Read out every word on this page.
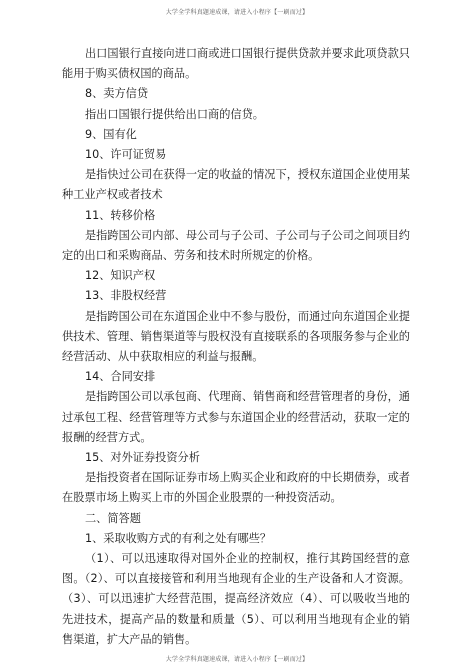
大学全学科真题速成课，请进入小程序【一刷而过】

出口国银行直接向进口商或进口国银行提供贷款并要求此项贷款只能用于购买债权国的商品。

8、卖方信贷

指出口国银行提供给出口商的信贷。

9、国有化

10、许可证贸易

是指快过公司在获得一定的收益的情况下，授权东道国企业使用某种工业产权或者技术

11、转移价格

是指跨国公司内部、母公司与子公司、子公司与子公司之间项目约定的出口和采购商品、劳务和技术时所规定的价格。

12、知识产权

13、非股权经营

是指跨国公司在东道国企业中不参与股份，而通过向东道国企业提供技术、管理、销售渠道等与股权没有直接联系的各项服务参与企业的经营活动、从中获取相应的利益与报酬。

14、合同安排

是指跨国公司以承包商、代理商、销售商和经营管理者的身份，通过承包工程、经营管理等方式参与东道国企业的经营活动，获取一定的报酬的经营方式。

15、对外证券投资分析

是指投资者在国际证券市场上购买企业和政府的中长期债券，或者在股票市场上购买上市的外国企业股票的一种投资活动。

二、简答题

1、采取收购方式的有利之处有哪些？

（1）、可以迅速取得对国外企业的控制权，推行其跨国经营的意图。（2）、可以直接接管和利用当地现有企业的生产设备和人才资源。（3）、可以迅速扩大经营范围，提高经济效应（4）、可以吸收当地的先进技术，提高产品的数量和质量（5）、可以利用当地现有企业的销售渠道，扩大产品的销售。

大学全学科真题速成课，请进入小程序【一刷而过】
